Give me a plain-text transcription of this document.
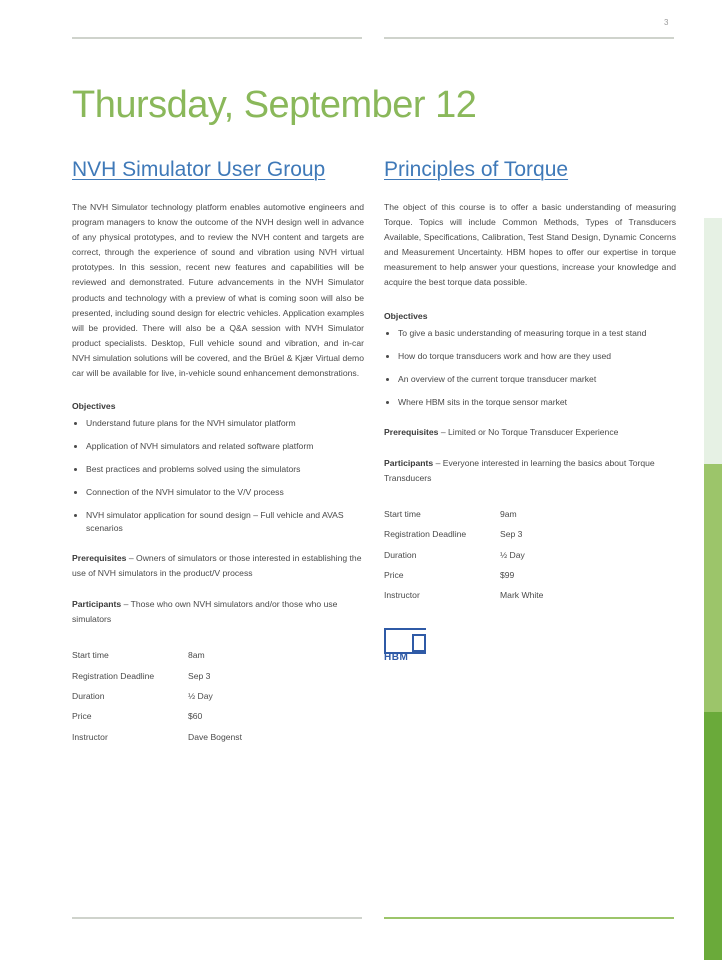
3
Thursday, September 12
NVH Simulator User Group

The NVH Simulator technology platform enables automotive engineers and program managers to know the outcome of the NVH design well in advance of any physical prototypes, and to review the NVH content and targets are correct, through the experience of sound and vibration using NVH virtual prototypes. In this session, recent new features and capabilities will be reviewed and demonstrated. Future advancements in the NVH Simulator products and technology with a preview of what is coming soon will also be presented, including sound design for electric vehicles. Application examples will be provided. There will also be a Q&A session with NVH Simulator product specialists. Desktop, Full vehicle sound and vibration, and in-car NVH simulation solutions will be covered, and the Brüel & Kjær Virtual demo car will be available for live, in-vehicle sound enhancement demonstrations.

Objectives
• Understand future plans for the NVH simulator platform
• Application of NVH simulators and related software platform
• Best practices and problems solved using the simulators
• Connection of the NVH simulator to the V/V process
• NVH simulator application for sound design – Full vehicle and AVAS scenarios

Prerequisites – Owners of simulators or those interested in establishing the use of NVH simulators in the product/V process

Participants – Those who own NVH simulators and/or those who use simulators

Start time	8am
Registration Deadline	Sep 3
Duration	½ Day
Price	$60
Instructor	Dave Bogenst
Principles of Torque

The object of this course is to offer a basic understanding of measuring Torque. Topics will include Common Methods, Types of Transducers Available, Specifications, Calibration, Test Stand Design, Dynamic Concerns and Measurement Uncertainty. HBM hopes to offer our expertise in torque measurement to help answer your questions, increase your knowledge and acquire the best torque data possible.

Objectives
• To give a basic understanding of measuring torque in a test stand
• How do torque transducers work and how are they used
• An overview of the current torque transducer market
• Where HBM sits in the torque sensor market

Prerequisites – Limited or No Torque Transducer Experience

Participants – Everyone interested in learning the basics about Torque Transducers

Start time	9am
Registration Deadline	Sep 3
Duration	½ Day
Price	$99
Instructor	Mark White
HBM
